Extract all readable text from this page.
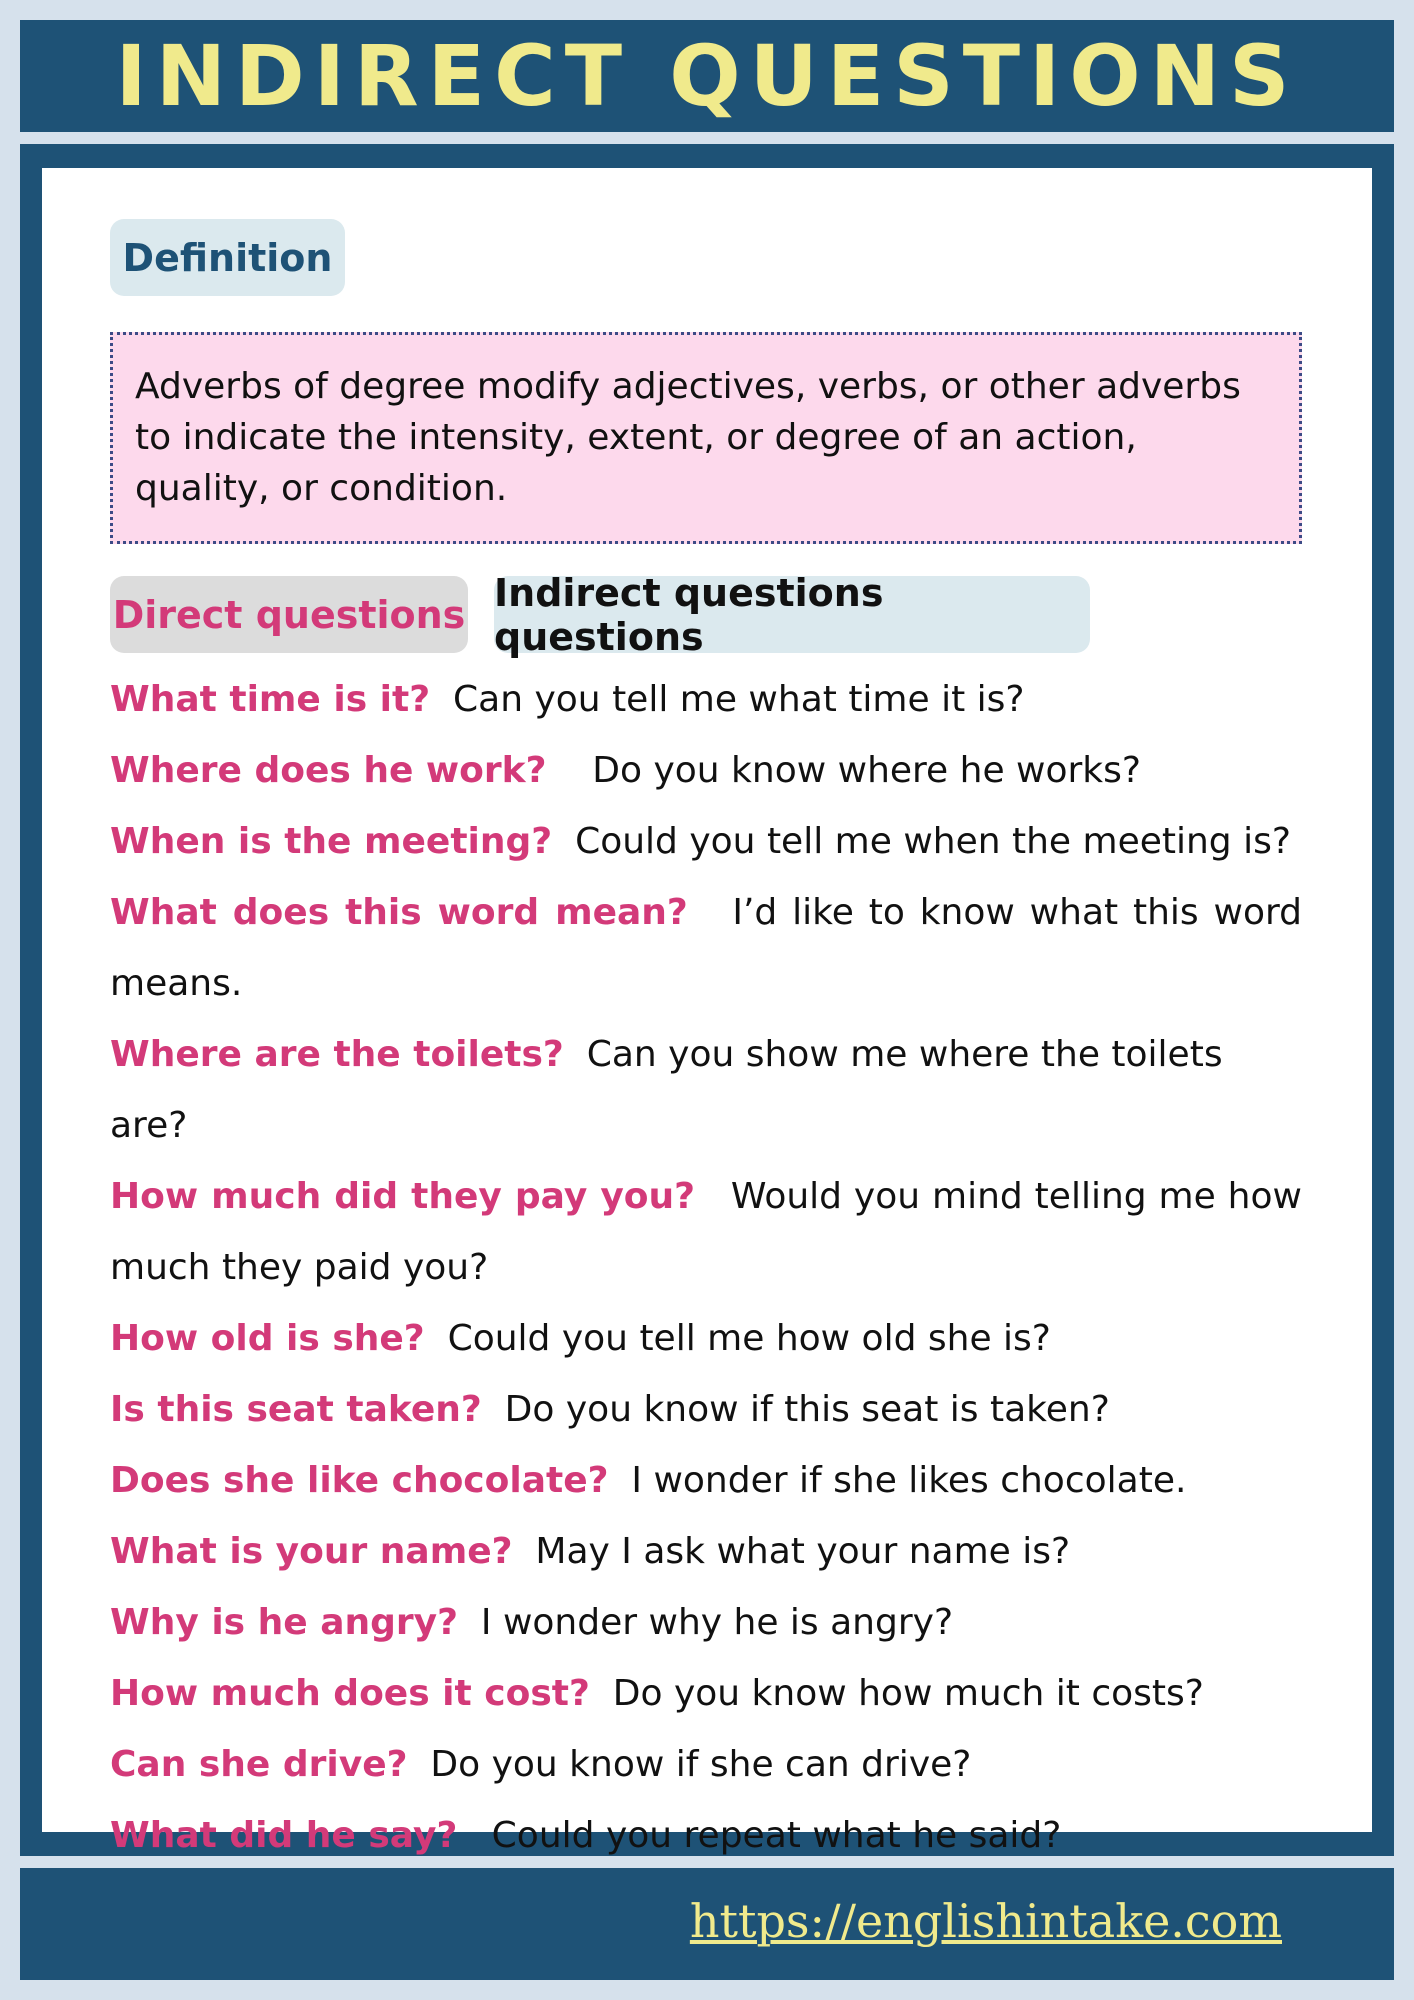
INDIRECT QUESTIONS
Definition
Adverbs of degree modify adjectives, verbs, or other adverbs to indicate the intensity, extent, or degree of an action, quality, or condition.
Direct questions Indirect questions questions
What time is it? Can you tell me what time it is?
Where does he work? Do you know where he works?
When is the meeting? Could you tell me when the meeting is?
What does this word mean? I’d like to know what this word means.
Where are the toilets? Can you show me where the toilets are?
How much did they pay you? Would you mind telling me how much they paid you?
How old is she? Could you tell me how old she is?
Is this seat taken? Do you know if this seat is taken?
Does she like chocolate? I wonder if she likes chocolate.
What is your name? May I ask what your name is?
Why is he angry? I wonder why he is angry?
How much does it cost? Do you know how much it costs?
Can she drive? Do you know if she can drive?
What did he say? Could you repeat what he said?
https://englishintake.com
